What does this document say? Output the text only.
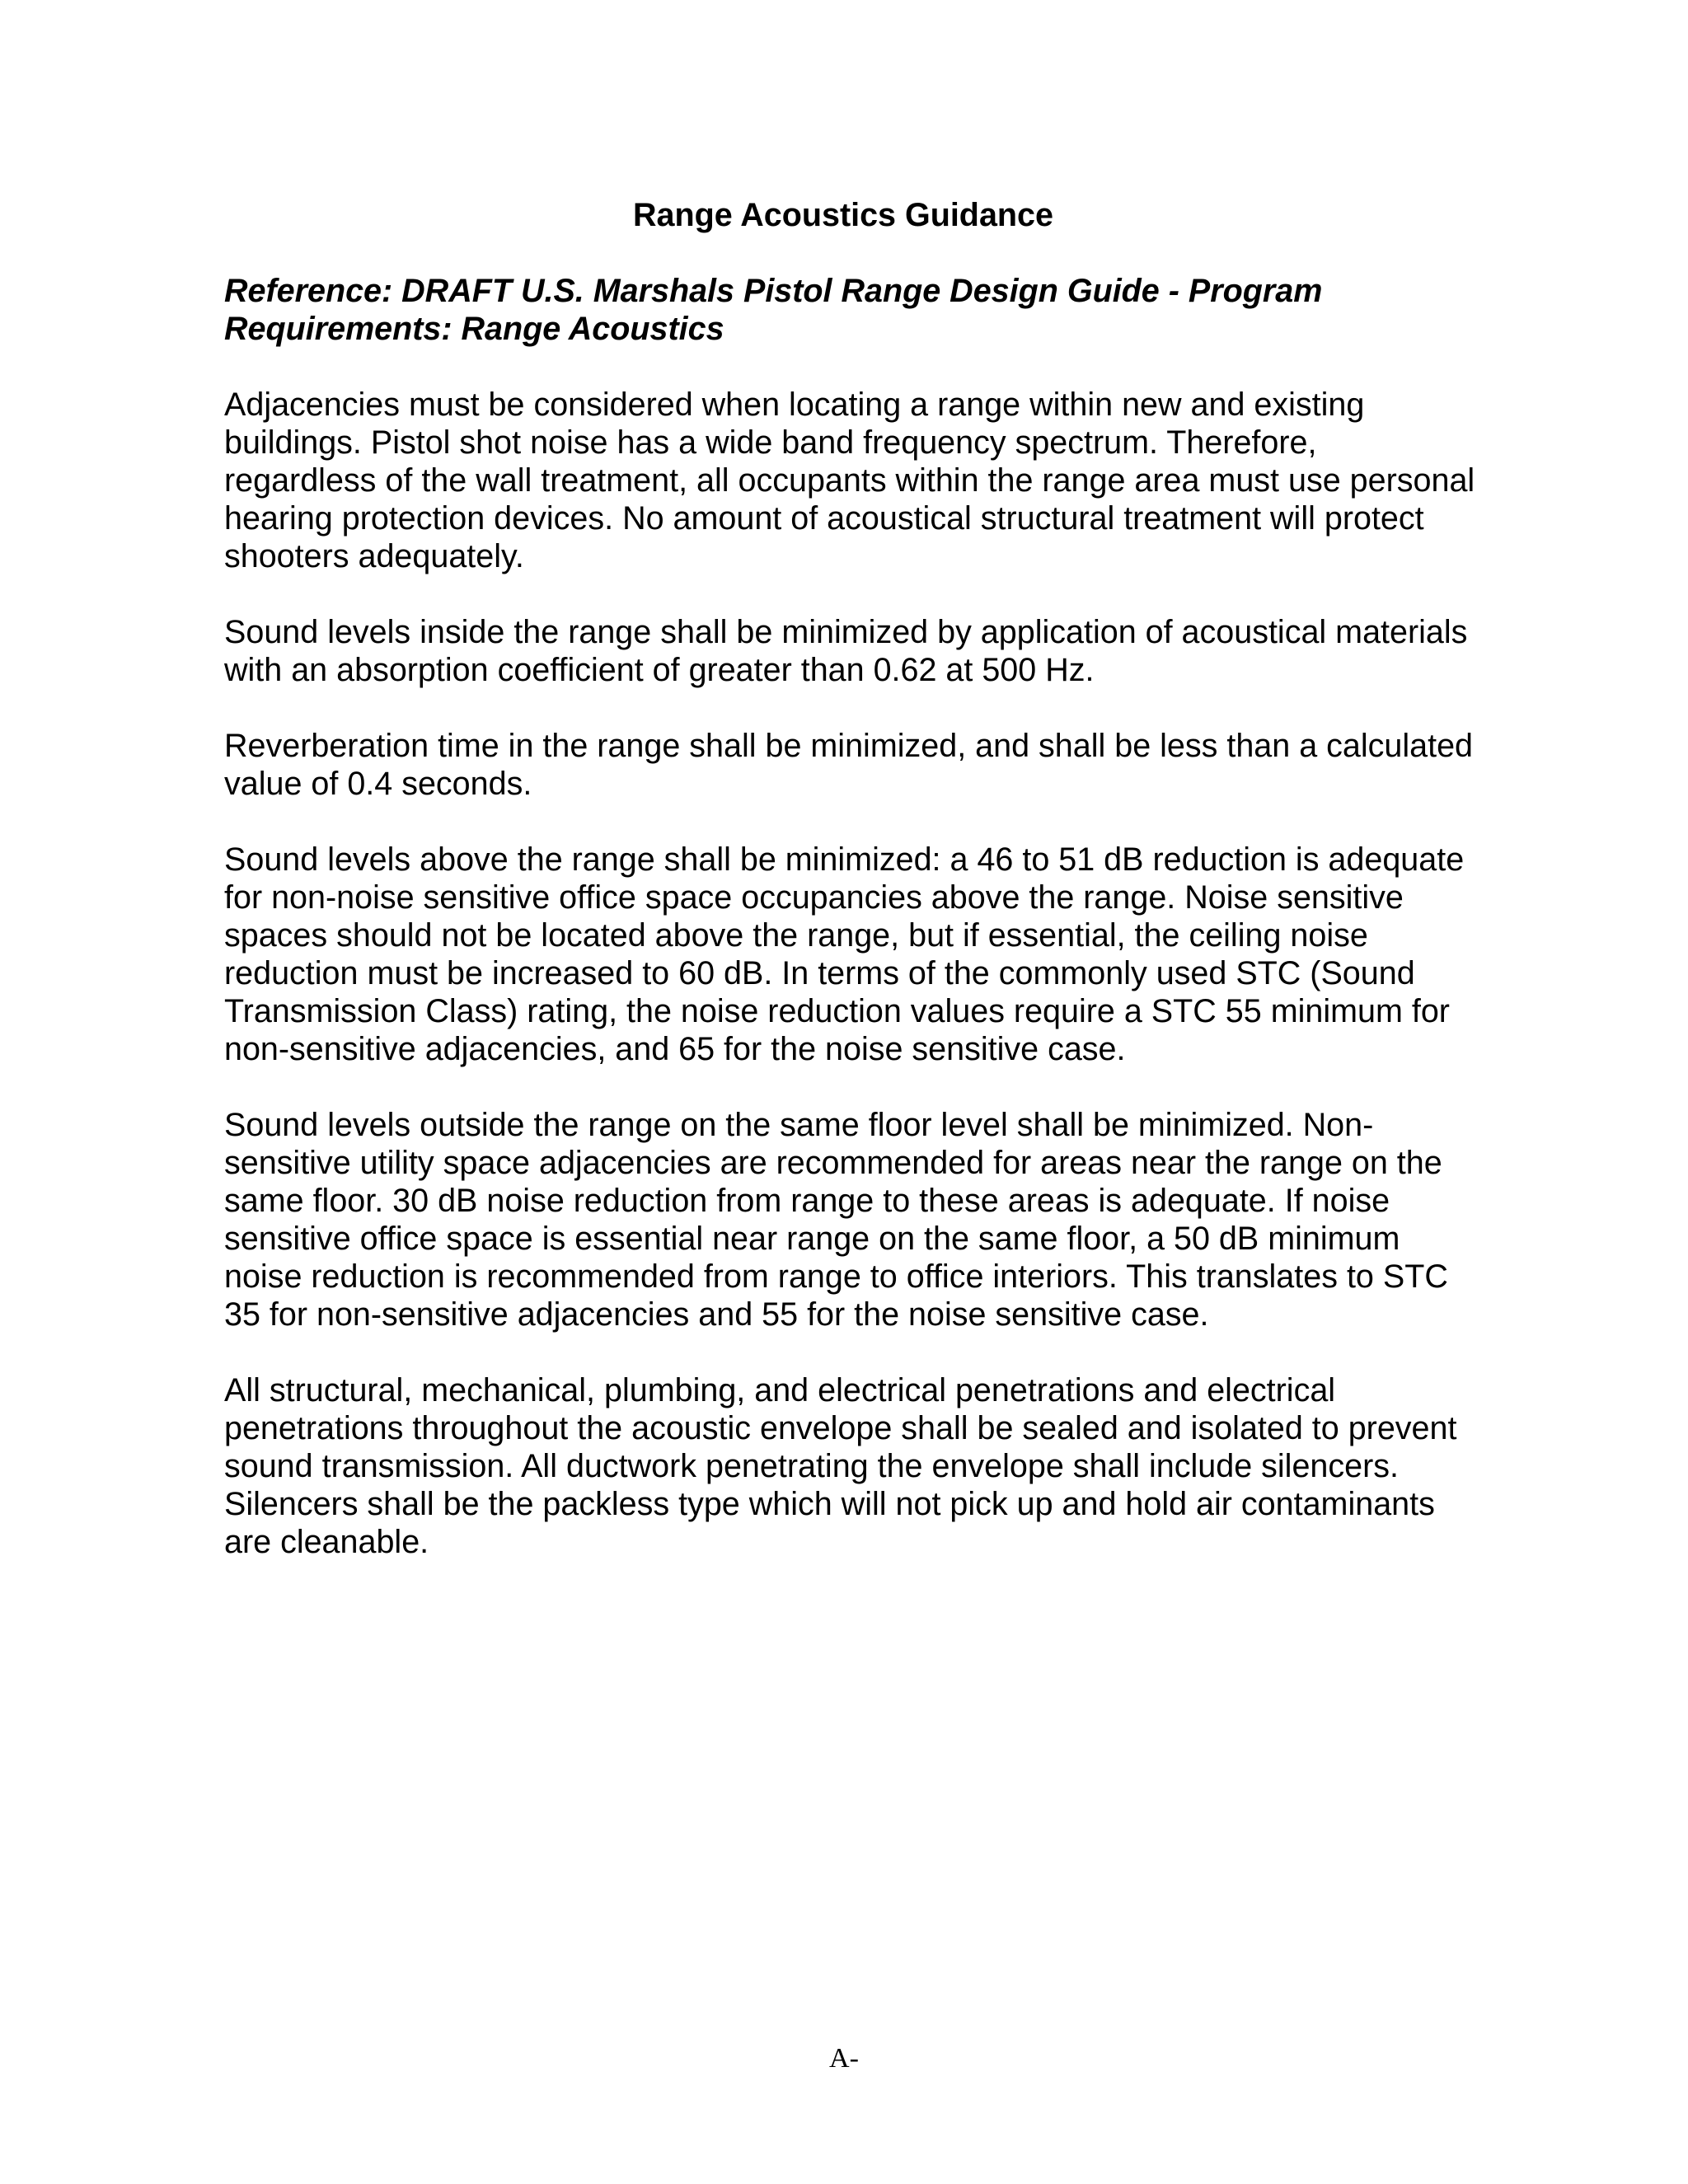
Range Acoustics Guidance
Reference: DRAFT U.S. Marshals Pistol Range Design Guide - Program Requirements: Range Acoustics

Adjacencies must be considered when locating a range within new and existing buildings. Pistol shot noise has a wide band frequency spectrum. Therefore, regardless of the wall treatment, all occupants within the range area must use personal hearing protection devices. No amount of acoustical structural treatment will protect shooters adequately.

Sound levels inside the range shall be minimized by application of acoustical materials with an absorption coefficient of greater than 0.62 at 500 Hz.

Reverberation time in the range shall be minimized, and shall be less than a calculated value of 0.4 seconds.

Sound levels above the range shall be minimized: a 46 to 51 dB reduction is adequate for non-noise sensitive office space occupancies above the range. Noise sensitive spaces should not be located above the range, but if essential, the ceiling noise reduction must be increased to 60 dB. In terms of the commonly used STC (Sound Transmission Class) rating, the noise reduction values require a STC 55 minimum for non-sensitive adjacencies, and 65 for the noise sensitive case.

Sound levels outside the range on the same floor level shall be minimized. Non-sensitive utility space adjacencies are recommended for areas near the range on the same floor. 30 dB noise reduction from range to these areas is adequate. If noise sensitive office space is essential near range on the same floor, a 50 dB minimum noise reduction is recommended from range to office interiors. This translates to STC 35 for non-sensitive adjacencies and 55 for the noise sensitive case.

All structural, mechanical, plumbing, and electrical penetrations and electrical penetrations throughout the acoustic envelope shall be sealed and isolated to prevent sound transmission. All ductwork penetrating the envelope shall include silencers. Silencers shall be the packless type which will not pick up and hold air contaminants are cleanable.

A-
